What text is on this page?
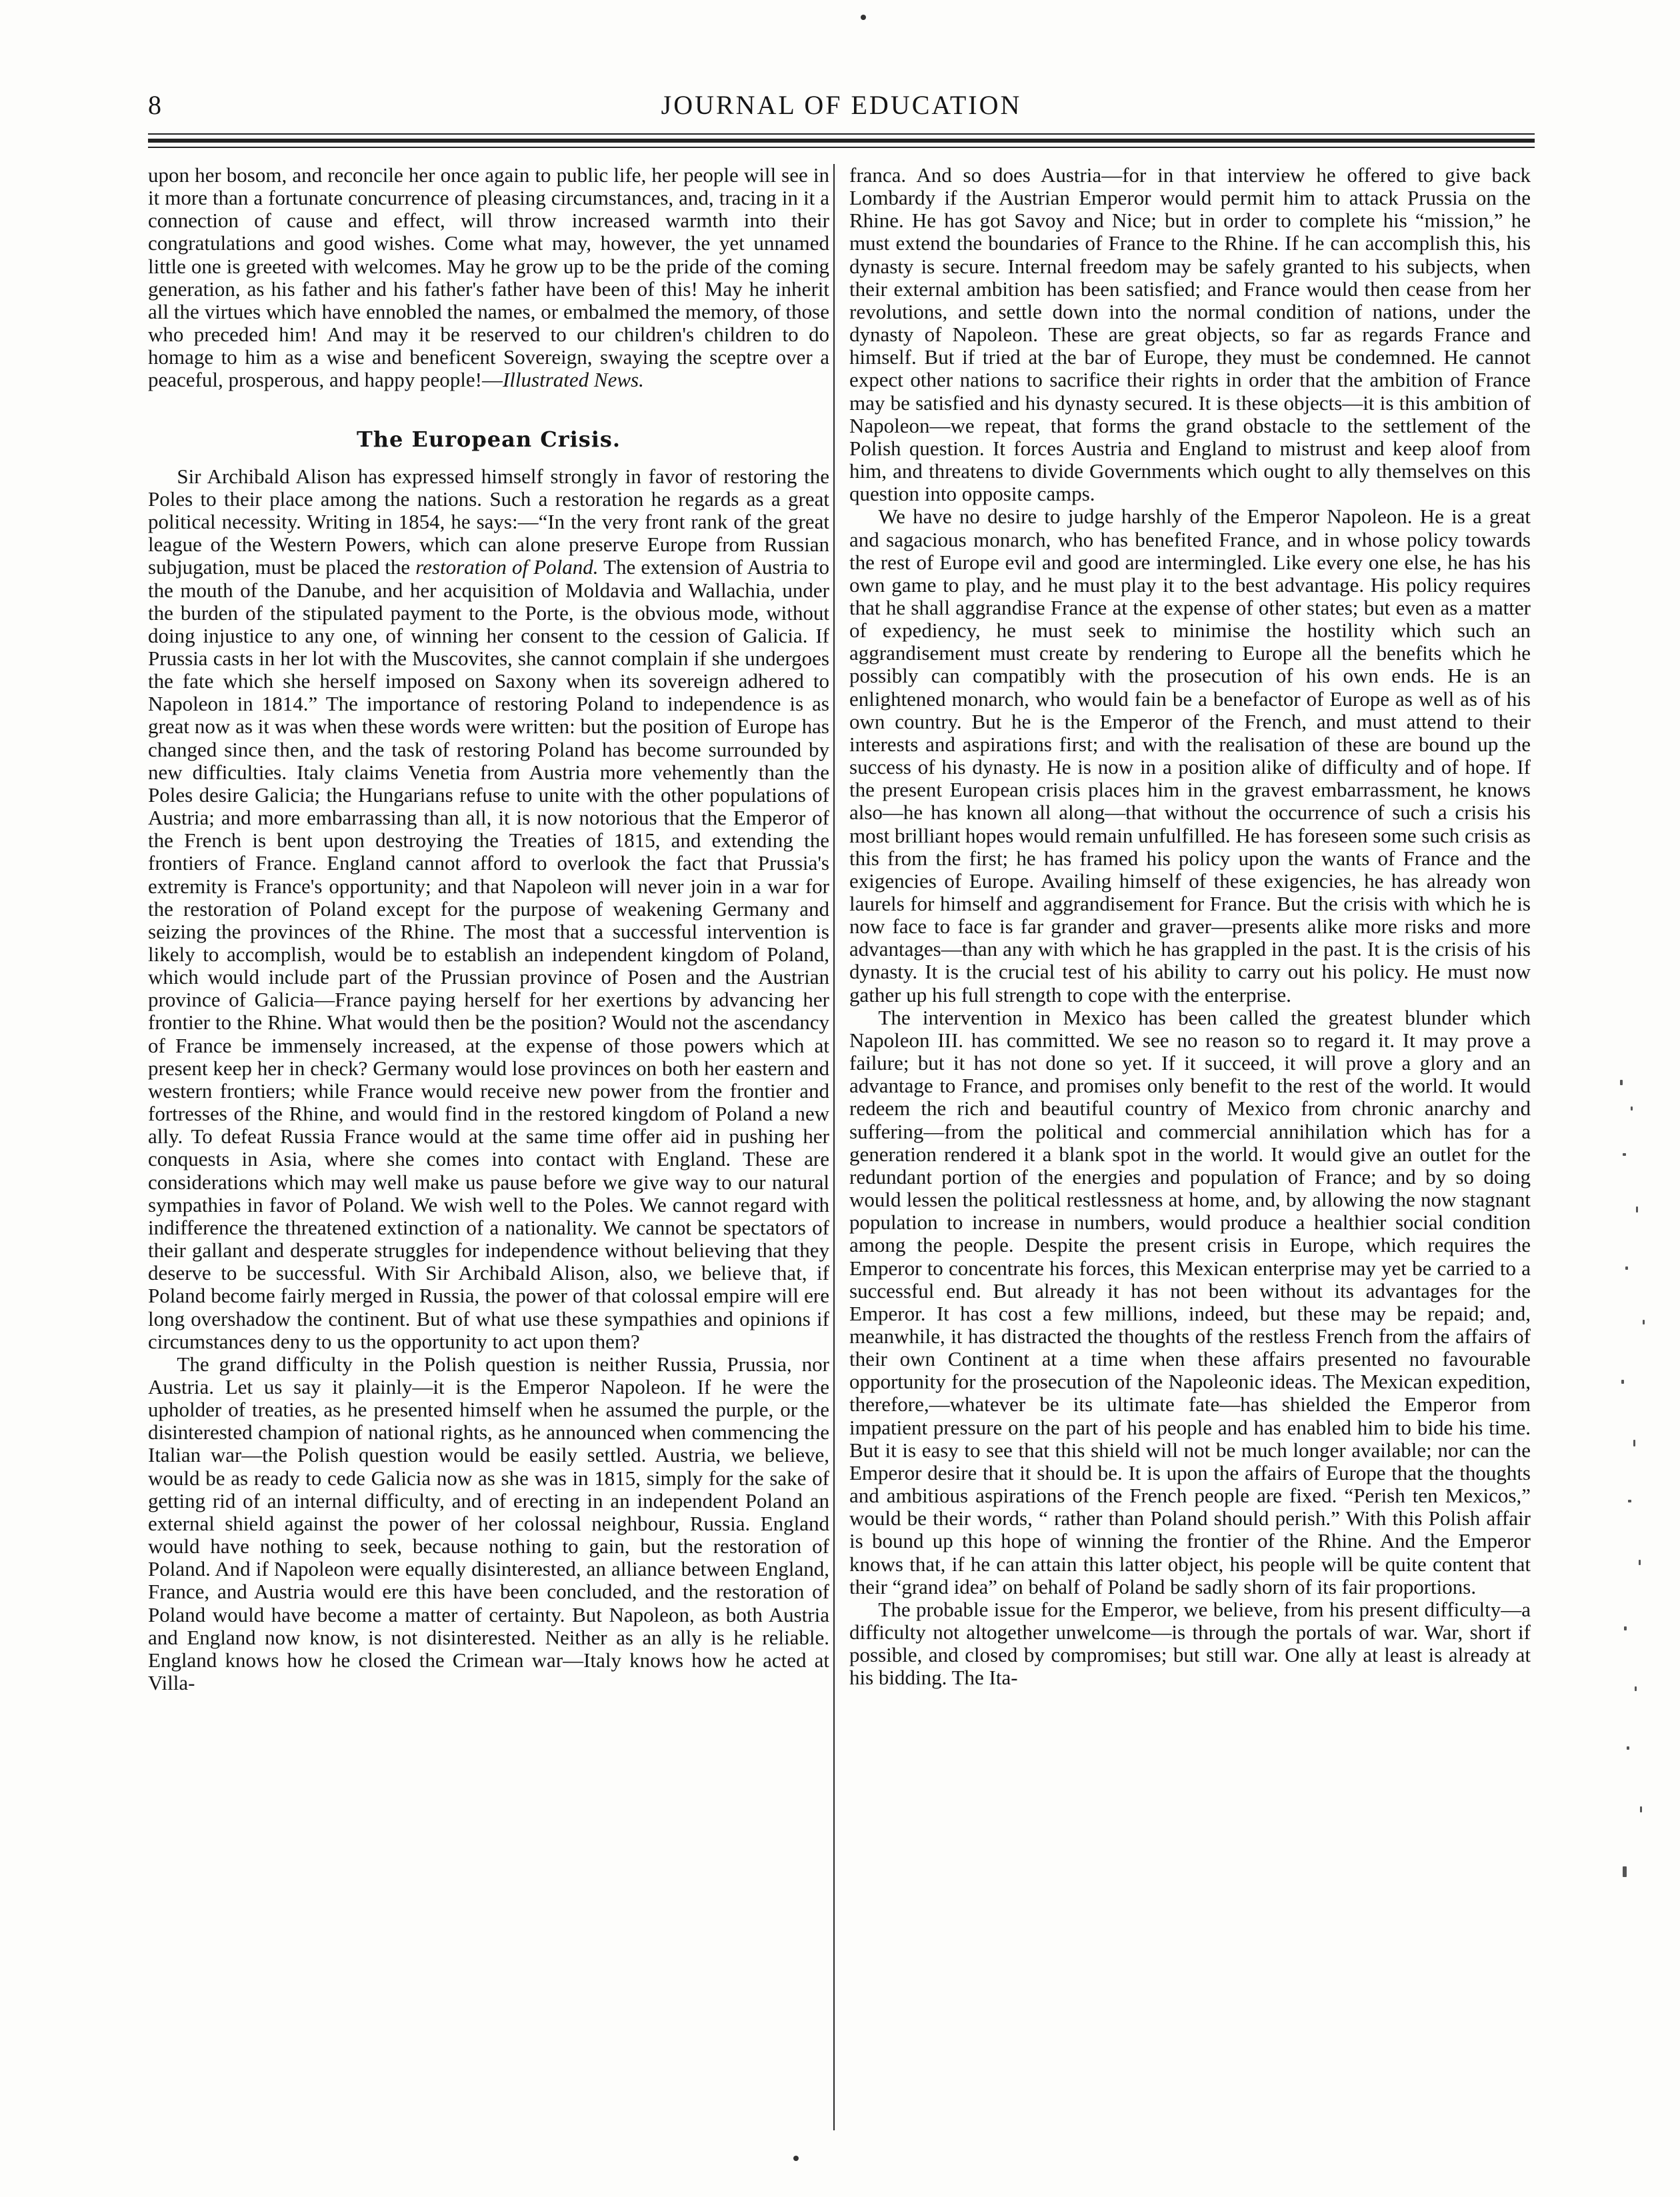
8	JOURNAL OF EDUCATION

upon her bosom, and reconcile her once again to public life, her people will see in it more than a fortunate concurrence of pleasing circumstances, and, tracing in it a connection of cause and effect, will throw increased warmth into their congratulations and good wishes. Come what may, however, the yet unnamed little one is greeted with welcomes. May he grow up to be the pride of the coming generation, as his father and his father's father have been of this! May he inherit all the virtues which have ennobled the names, or embalmed the memory, of those who preceded him! And may it be reserved to our children's children to do homage to him as a wise and beneficent Sovereign, swaying the sceptre over a peaceful, prosperous, and happy people!—Illustrated News.

The European Crisis.

Sir Archibald Alison has expressed himself strongly in favor of restoring the Poles to their place among the nations. Such a restoration he regards as a great political necessity. Writing in 1854, he says:—“In the very front rank of the great league of the Western Powers, which can alone preserve Europe from Russian subjugation, must be placed the restoration of Poland. The extension of Austria to the mouth of the Danube, and her acquisition of Moldavia and Wallachia, under the burden of the stipulated payment to the Porte, is the obvious mode, without doing injustice to any one, of winning her consent to the cession of Galicia. If Prussia casts in her lot with the Muscovites, she cannot complain if she undergoes the fate which she herself imposed on Saxony when its sovereign adhered to Napoleon in 1814.” The importance of restoring Poland to independence is as great now as it was when these words were written: but the position of Europe has changed since then, and the task of restoring Poland has become surrounded by new difficulties. Italy claims Venetia from Austria more vehemently than the Poles desire Galicia; the Hungarians refuse to unite with the other populations of Austria; and more embarrassing than all, it is now notorious that the Emperor of the French is bent upon destroying the Treaties of 1815, and extending the frontiers of France. England cannot afford to overlook the fact that Prussia's extremity is France's opportunity; and that Napoleon will never join in a war for the restoration of Poland except for the purpose of weakening Germany and seizing the provinces of the Rhine. The most that a successful intervention is likely to accomplish, would be to establish an independent kingdom of Poland, which would include part of the Prussian province of Posen and the Austrian province of Galicia—France paying herself for her exertions by advancing her frontier to the Rhine. What would then be the position? Would not the ascendancy of France be immensely increased, at the expense of those powers which at present keep her in check? Germany would lose provinces on both her eastern and western frontiers; while France would receive new power from the frontier and fortresses of the Rhine, and would find in the restored kingdom of Poland a new ally. To defeat Russia France would at the same time offer aid in pushing her conquests in Asia, where she comes into contact with England. These are considerations which may well make us pause before we give way to our natural sympathies in favor of Poland. We wish well to the Poles. We cannot regard with indifference the threatened extinction of a nationality. We cannot be spectators of their gallant and desperate struggles for independence without believing that they deserve to be successful. With Sir Archibald Alison, also, we believe that, if Poland become fairly merged in Russia, the power of that colossal empire will ere long overshadow the continent. But of what use these sympathies and opinions if circumstances deny to us the opportunity to act upon them?

The grand difficulty in the Polish question is neither Russia, Prussia, nor Austria. Let us say it plainly—it is the Emperor Napoleon. If he were the upholder of treaties, as he presented himself when he assumed the purple, or the disinterested champion of national rights, as he announced when commencing the Italian war—the Polish question would be easily settled. Austria, we believe, would be as ready to cede Galicia now as she was in 1815, simply for the sake of getting rid of an internal difficulty, and of erecting in an independent Poland an external shield against the power of her colossal neighbour, Russia. England would have nothing to seek, because nothing to gain, but the restoration of Poland. And if Napoleon were equally disinterested, an alliance between England, France, and Austria would ere this have been concluded, and the restoration of Poland would have become a matter of certainty. But Napoleon, as both Austria and England now know, is not disinterested. Neither as an ally is he reliable. England knows how he closed the Crimean war—Italy knows how he acted at Villa-

franca. And so does Austria—for in that interview he offered to give back Lombardy if the Austrian Emperor would permit him to attack Prussia on the Rhine. He has got Savoy and Nice; but in order to complete his “mission,” he must extend the boundaries of France to the Rhine. If he can accomplish this, his dynasty is secure. Internal freedom may be safely granted to his subjects, when their external ambition has been satisfied; and France would then cease from her revolutions, and settle down into the normal condition of nations, under the dynasty of Napoleon. These are great objects, so far as regards France and himself. But if tried at the bar of Europe, they must be condemned. He cannot expect other nations to sacrifice their rights in order that the ambition of France may be satisfied and his dynasty secured. It is these objects—it is this ambition of Napoleon—we repeat, that forms the grand obstacle to the settlement of the Polish question. It forces Austria and England to mistrust and keep aloof from him, and threatens to divide Governments which ought to ally themselves on this question into opposite camps.

We have no desire to judge harshly of the Emperor Napoleon. He is a great and sagacious monarch, who has benefited France, and in whose policy towards the rest of Europe evil and good are intermingled. Like every one else, he has his own game to play, and he must play it to the best advantage. His policy requires that he shall aggrandise France at the expense of other states; but even as a matter of expediency, he must seek to minimise the hostility which such an aggrandisement must create by rendering to Europe all the benefits which he possibly can compatibly with the prosecution of his own ends. He is an enlightened monarch, who would fain be a benefactor of Europe as well as of his own country. But he is the Emperor of the French, and must attend to their interests and aspirations first; and with the realisation of these are bound up the success of his dynasty. He is now in a position alike of difficulty and of hope. If the present European crisis places him in the gravest embarrassment, he knows also—he has known all along—that without the occurrence of such a crisis his most brilliant hopes would remain unfulfilled. He has foreseen some such crisis as this from the first; he has framed his policy upon the wants of France and the exigencies of Europe. Availing himself of these exigencies, he has already won laurels for himself and aggrandisement for France. But the crisis with which he is now face to face is far grander and graver—presents alike more risks and more advantages—than any with which he has grappled in the past. It is the crisis of his dynasty. It is the crucial test of his ability to carry out his policy. He must now gather up his full strength to cope with the enterprise.

The intervention in Mexico has been called the greatest blunder which Napoleon III. has committed. We see no reason so to regard it. It may prove a failure; but it has not done so yet. If it succeed, it will prove a glory and an advantage to France, and promises only benefit to the rest of the world. It would redeem the rich and beautiful country of Mexico from chronic anarchy and suffering—from the political and commercial annihilation which has for a generation rendered it a blank spot in the world. It would give an outlet for the redundant portion of the energies and population of France; and by so doing would lessen the political restlessness at home, and, by allowing the now stagnant population to increase in numbers, would produce a healthier social condition among the people. Despite the present crisis in Europe, which requires the Emperor to concentrate his forces, this Mexican enterprise may yet be carried to a successful end. But already it has not been without its advantages for the Emperor. It has cost a few millions, indeed, but these may be repaid; and, meanwhile, it has distracted the thoughts of the restless French from the affairs of their own Continent at a time when these affairs presented no favourable opportunity for the prosecution of the Napoleonic ideas. The Mexican expedition, therefore,—whatever be its ultimate fate—has shielded the Emperor from impatient pressure on the part of his people and has enabled him to bide his time. But it is easy to see that this shield will not be much longer available; nor can the Emperor desire that it should be. It is upon the affairs of Europe that the thoughts and ambitious aspirations of the French people are fixed. “Perish ten Mexicos,” would be their words, “ rather than Poland should perish.” With this Polish affair is bound up this hope of winning the frontier of the Rhine. And the Emperor knows that, if he can attain this latter object, his people will be quite content that their “grand idea” on behalf of Poland be sadly shorn of its fair proportions.

The probable issue for the Emperor, we believe, from his present difficulty—a difficulty not altogether unwelcome—is through the portals of war. War, short if possible, and closed by compromises; but still war. One ally at least is already at his bidding. The Ita-
